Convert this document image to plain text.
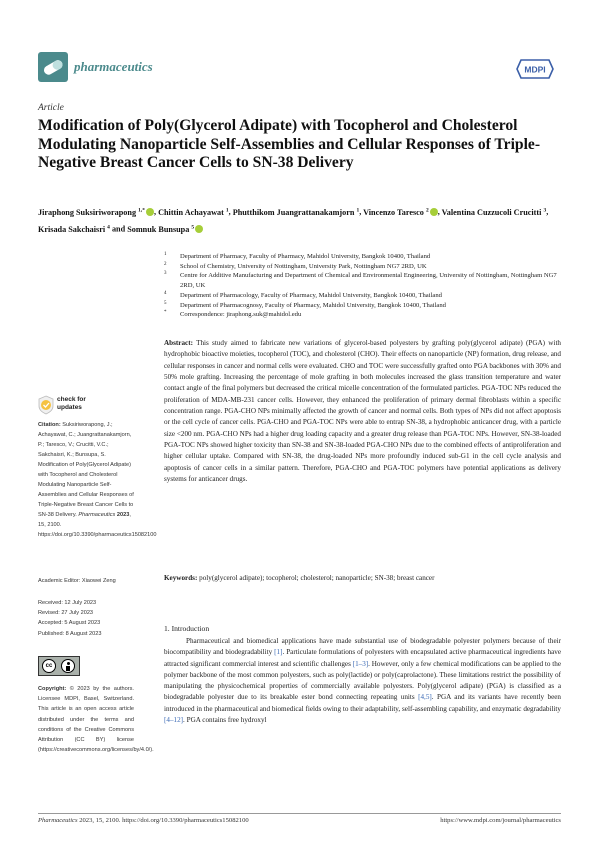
pharmaceutics	MDPI
Article
Modification of Poly(Glycerol Adipate) with Tocopherol and Cholesterol Modulating Nanoparticle Self-Assemblies and Cellular Responses of Triple-Negative Breast Cancer Cells to SN-38 Delivery
Jiraphong Suksiriworapong $^{1,*}$ , Chittin Achayawat $^1$, Phutthikom Juangrattanakamjorn $^1$, Vincenzo Taresco $^2$ , Valentina Cuzzucoli Crucitti $^3$, Krisada Sakchaisri $^4$ and Somnuk Bunsupa $^5$
1 Department of Pharmacy, Faculty of Pharmacy, Mahidol University, Bangkok 10400, Thailand
2 School of Chemistry, University of Nottingham, University Park, Nottingham NG7 2RD, UK
3 Centre for Additive Manufacturing and Department of Chemical and Environmental Engineering, University of Nottingham, Nottingham NG7 2RD, UK
4 Department of Pharmacology, Faculty of Pharmacy, Mahidol University, Bangkok 10400, Thailand
5 Department of Pharmacognosy, Faculty of Pharmacy, Mahidol University, Bangkok 10400, Thailand
* Correspondence: jiraphong.suk@mahidol.edu
Abstract: This study aimed to fabricate new variations of glycerol-based polyesters by grafting poly(glycerol adipate) (PGA) with hydrophobic bioactive moieties, tocopherol (TOC), and cholesterol (CHO). Their effects on nanoparticle (NP) formation, drug release, and cellular responses in cancer and normal cells were evaluated. CHO and TOC were successfully grafted onto PGA backbones with 30% and 50% mole grafting. Increasing the percentage of mole grafting in both molecules increased the glass transition temperature and water contact angle of the final polymers but decreased the critical micelle concentration of the formulated particles. PGA-TOC NPs reduced the proliferation of MDA-MB-231 cancer cells. However, they enhanced the proliferation of primary dermal fibroblasts within a specific concentration range. PGA-CHO NPs minimally affected the growth of cancer and normal cells. Both types of NPs did not affect apoptosis or the cell cycle of cancer cells. PGA-CHO and PGA-TOC NPs were able to entrap SN-38, a hydrophobic anticancer drug, with a particle size <200 nm. PGA-CHO NPs had a higher drug loading capacity and a greater drug release than PGA-TOC NPs. However, SN-38-loaded PGA-TOC NPs showed higher toxicity than SN-38 and SN-38-loaded PGA-CHO NPs due to the combined effects of antiproliferation and higher cellular uptake. Compared with SN-38, the drug-loaded NPs more profoundly induced sub-G1 in the cell cycle analysis and apoptosis of cancer cells in a similar pattern. Therefore, PGA-CHO and PGA-TOC polymers have potential applications as delivery systems for anticancer drugs.
Keywords: poly(glycerol adipate); tocopherol; cholesterol; nanoparticle; SN-38; breast cancer
1. Introduction

Pharmaceutical and biomedical applications have made substantial use of biodegradable polyester polymers because of their biocompatibility and biodegradability [1]. Particulate formulations of polyesters with encapsulated active pharmaceutical ingredients have attracted significant commercial interest and scientific challenges [1–3]. However, only a few chemical modifications can be applied to the polymer backbone of the most common polyesters, such as poly(lactide) or poly(caprolactone). These limitations restrict the possibility of manipulating the physicochemical properties of commercially available polyesters. Poly(glycerol adipate) (PGA) is classified as a biodegradable polyester due to its breakable ester bond connecting repeating units [4,5]. PGA and its variants have recently been introduced in the pharmaceutical and biomedical fields owing to their adaptability, self-assembling capability, and enzymatic degradability [4–12]. PGA contains free hydroxyl

check for updates
Citation: Suksiriworapong, J.; Achayawat, C.; Juangrattanakamjorn, P.; Taresco, V.; Crucitti, V.C.; Sakchaisri, K.; Bunsupa, S. Modification of Poly(Glycerol Adipate) with Tocopherol and Cholesterol Modulating Nanoparticle Self-Assemblies and Cellular Responses of Triple-Negative Breast Cancer Cells to SN-38 Delivery. Pharmaceutics 2023, 15, 2100. https://doi.org/10.3390/pharmaceutics15082100
Academic Editor: Xiaowei Zeng
Received: 12 July 2023
Revised: 27 July 2023
Accepted: 5 August 2023
Published: 8 August 2023
cc
Copyright: © 2023 by the authors. Licensee MDPI, Basel, Switzerland. This article is an open access article distributed under the terms and conditions of the Creative Commons Attribution (CC BY) license (https://creativecommons.org/licenses/by/4.0/).
Pharmaceutics 2023, 15, 2100. https://doi.org/10.3390/pharmaceutics15082100	https://www.mdpi.com/journal/pharmaceutics
